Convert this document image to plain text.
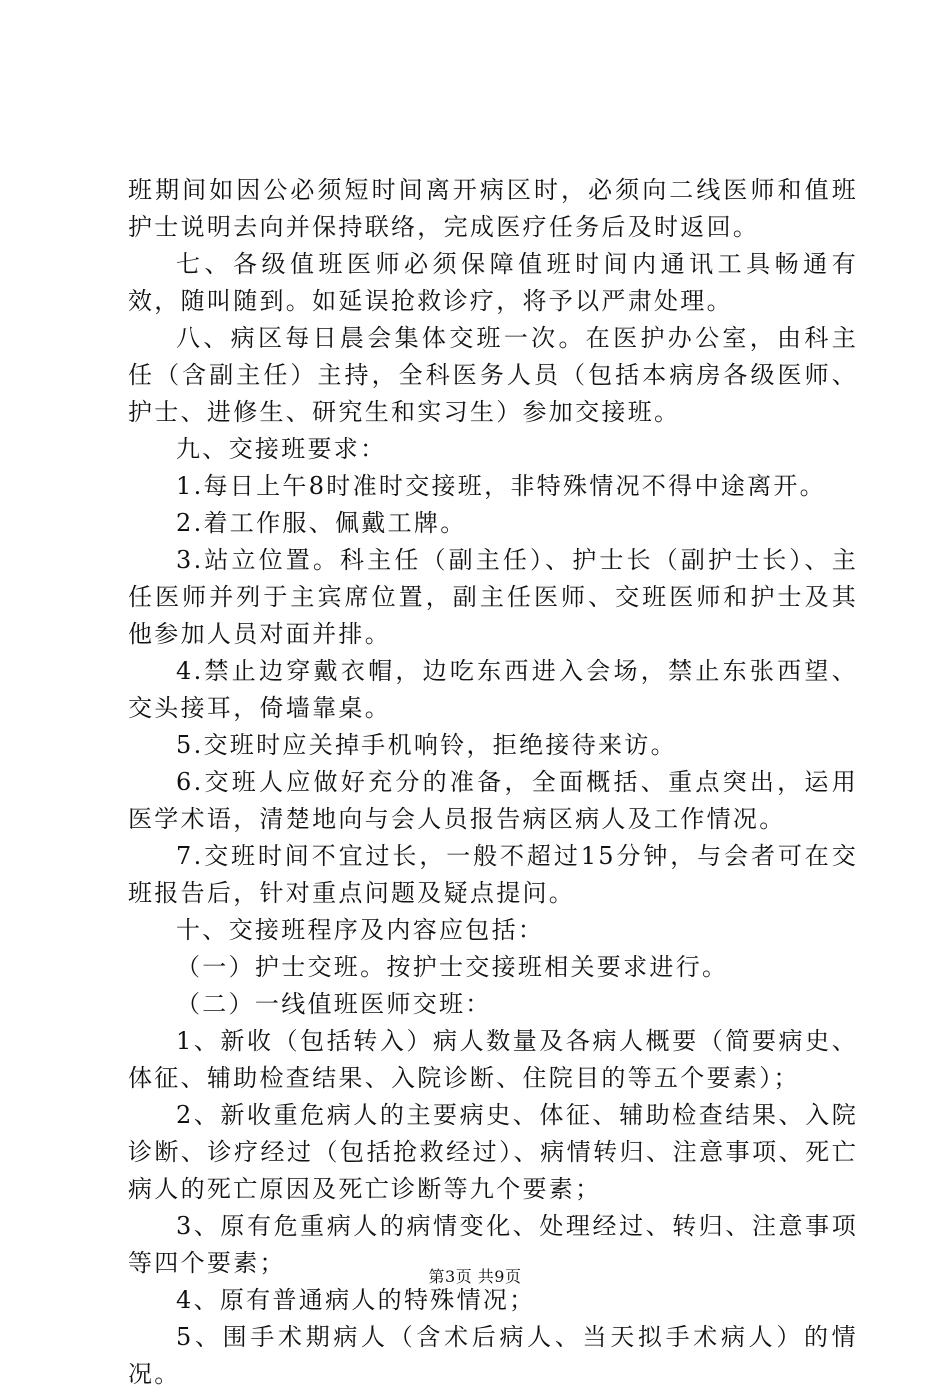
班期间如因公必须短时间离开病区时，必须向二线医师和值班护士说明去向并保持联络，完成医疗任务后及时返回。

七、各级值班医师必须保障值班时间内通讯工具畅通有效，随叫随到。如延误抢救诊疗，将予以严肃处理。

八、病区每日晨会集体交班一次。在医护办公室，由科主任（含副主任）主持，全科医务人员（包括本病房各级医师、护士、进修生、研究生和实习生）参加交接班。

九、交接班要求：

1.每日上午8时准时交接班，非特殊情况不得中途离开。

2.着工作服、佩戴工牌。

3.站立位置。科主任（副主任）、护士长（副护士长）、主任医师并列于主宾席位置，副主任医师、交班医师和护士及其他参加人员对面并排。

4.禁止边穿戴衣帽，边吃东西进入会场，禁止东张西望、交头接耳，倚墙靠桌。

5.交班时应关掉手机响铃，拒绝接待来访。

6.交班人应做好充分的准备，全面概括、重点突出，运用医学术语，清楚地向与会人员报告病区病人及工作情况。

7.交班时间不宜过长，一般不超过15分钟，与会者可在交班报告后，针对重点问题及疑点提问。

十、交接班程序及内容应包括：

（一）护士交班。按护士交接班相关要求进行。

（二）一线值班医师交班：

1、新收（包括转入）病人数量及各病人概要（简要病史、体征、辅助检查结果、入院诊断、住院目的等五个要素）；

2、新收重危病人的主要病史、体征、辅助检查结果、入院诊断、诊疗经过（包括抢救经过）、病情转归、注意事项、死亡病人的死亡原因及死亡诊断等九个要素；

3、原有危重病人的病情变化、处理经过、转归、注意事项等四个要素；

4、原有普通病人的特殊情况；

5、围手术期病人（含术后病人、当天拟手术病人）的情况。

第3页 共9页
